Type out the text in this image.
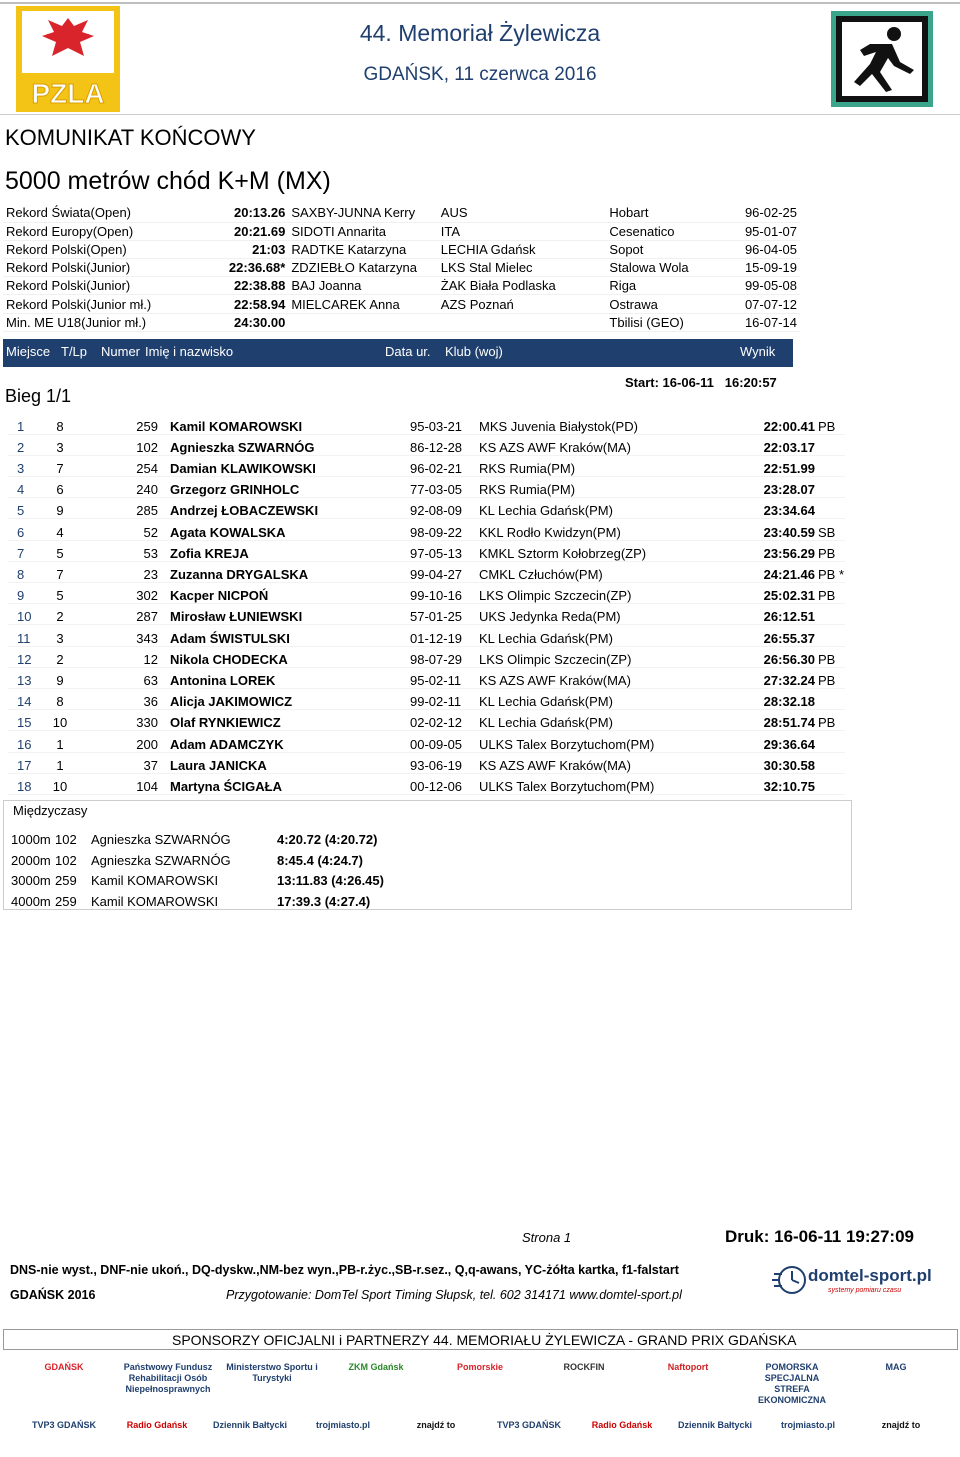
PZLA
44. Memoriał Żylewicza
GDAŃSK, 11 czerwca 2016
KOMUNIKAT KOŃCOWY
5000 metrów chód K+M (MX)
Rekord Świata(Open)	20:13.26	SAXBY-JUNNA Kerry	AUS	Hobart	96-02-25
Rekord Europy(Open)	20:21.69	SIDOTI Annarita	ITA	Cesenatico	95-01-07
Rekord Polski(Open)	21:03	RADTKE Katarzyna	LECHIA Gdańsk	Sopot	96-04-05
Rekord Polski(Junior)	22:36.68*	ZDZIEBŁO Katarzyna	LKS Stal Mielec	Stalowa Wola	15-09-19
Rekord Polski(Junior)	22:38.88	BAJ Joanna	ŻAK Biała Podlaska	Riga	99-05-08
Rekord Polski(Junior mł.)	22:58.94	MIELCAREK Anna	AZS Poznań	Ostrawa	07-07-12
Min. ME U18(Junior mł.)	24:30.00			Tbilisi (GEO)	16-07-14
Miejsce T/Lp Numer Imię i nazwisko	Data ur. Klub (woj)	Wynik
Bieg 1/1
Start: 16-06-11 16:20:57
1	8	259	Kamil KOMAROWSKI	95-03-21	MKS Juvenia Białystok(PD)	22:00.41	PB
2	3	102	Agnieszka SZWARNÓG	86-12-28	KS AZS AWF Kraków(MA)	22:03.17	
3	7	254	Damian KLAWIKOWSKI	96-02-21	RKS Rumia(PM)	22:51.99	
4	6	240	Grzegorz GRINHOLC	77-03-05	RKS Rumia(PM)	23:28.07	
5	9	285	Andrzej ŁOBACZEWSKI	92-08-09	KL Lechia Gdańsk(PM)	23:34.64	
6	4	52	Agata KOWALSKA	98-09-22	KKL Rodło Kwidzyn(PM)	23:40.59	SB
7	5	53	Zofia KREJA	97-05-13	KMKL Sztorm Kołobrzeg(ZP)	23:56.29	PB
8	7	23	Zuzanna DRYGALSKA	99-04-27	CMKL Człuchów(PM)	24:21.46	PB *
9	5	302	Kacper NICPOŃ	99-10-16	LKS Olimpic Szczecin(ZP)	25:02.31	PB
10	2	287	Mirosław ŁUNIEWSKI	57-01-25	UKS Jedynka Reda(PM)	26:12.51	
11	3	343	Adam ŚWISTULSKI	01-12-19	KL Lechia Gdańsk(PM)	26:55.37	
12	2	12	Nikola CHODECKA	98-07-29	LKS Olimpic Szczecin(ZP)	26:56.30	PB
13	9	63	Antonina LOREK	95-02-11	KS AZS AWF Kraków(MA)	27:32.24	PB
14	8	36	Alicja JAKIMOWICZ	99-02-11	KL Lechia Gdańsk(PM)	28:32.18	
15	10	330	Olaf RYNKIEWICZ	02-02-12	KL Lechia Gdańsk(PM)	28:51.74	PB
16	1	200	Adam ADAMCZYK	00-09-05	ULKS Talex Borzytuchom(PM)	29:36.64	
17	1	37	Laura JANICKA	93-06-19	KS AZS AWF Kraków(MA)	30:30.58	
18	10	104	Martyna ŚCIGAŁA	00-12-06	ULKS Talex Borzytuchom(PM)	32:10.75	
Międzyczasy
1000m	102	Agnieszka SZWARNÓG	4:20.72 (4:20.72)
2000m	102	Agnieszka SZWARNÓG	8:45.4 (4:24.7)
3000m	259	Kamil KOMAROWSKI	13:11.83 (4:26.45)
4000m	259	Kamil KOMAROWSKI	17:39.3 (4:27.4)
Strona 1	Druk: 16-06-11 19:27:09
DNS-nie wyst., DNF-nie ukoń., DQ-dyskw.,NM-bez wyn.,PB-r.życ.,SB-r.sez., Q,q-awans, YC-żółta kartka, f1-falstart
GDAŃSK 2016	Przygotowanie: DomTel Sport Timing Słupsk, tel. 602 314171 www.domtel-sport.pl
domtel-sport.pl
systemy pomiaru czasu
SPONSORZY OFICJALNI i PARTNERZY 44. MEMORIAŁU ŻYLEWICZA - GRAND PRIX GDAŃSKA
GDAŃSK	Państwowy Fundusz Rehabilitacji Osób Niepełnosprawnych
Ministerstwo Sportu i Turystyki
ZKM Gdańsk	Pomorskie	ROCKFIN	Naftoport	POMORSKA SPECJALNA STREFA EKONOMICZNA
MAG
TVP3 GDAŃSK	Radio Gdańsk	Dziennik Bałtycki	trojmiasto.pl	znajdź to	TVP3 GDAŃSK	Radio Gdańsk	Dziennik Bałtycki	trojmiasto.pl	znajdź to
